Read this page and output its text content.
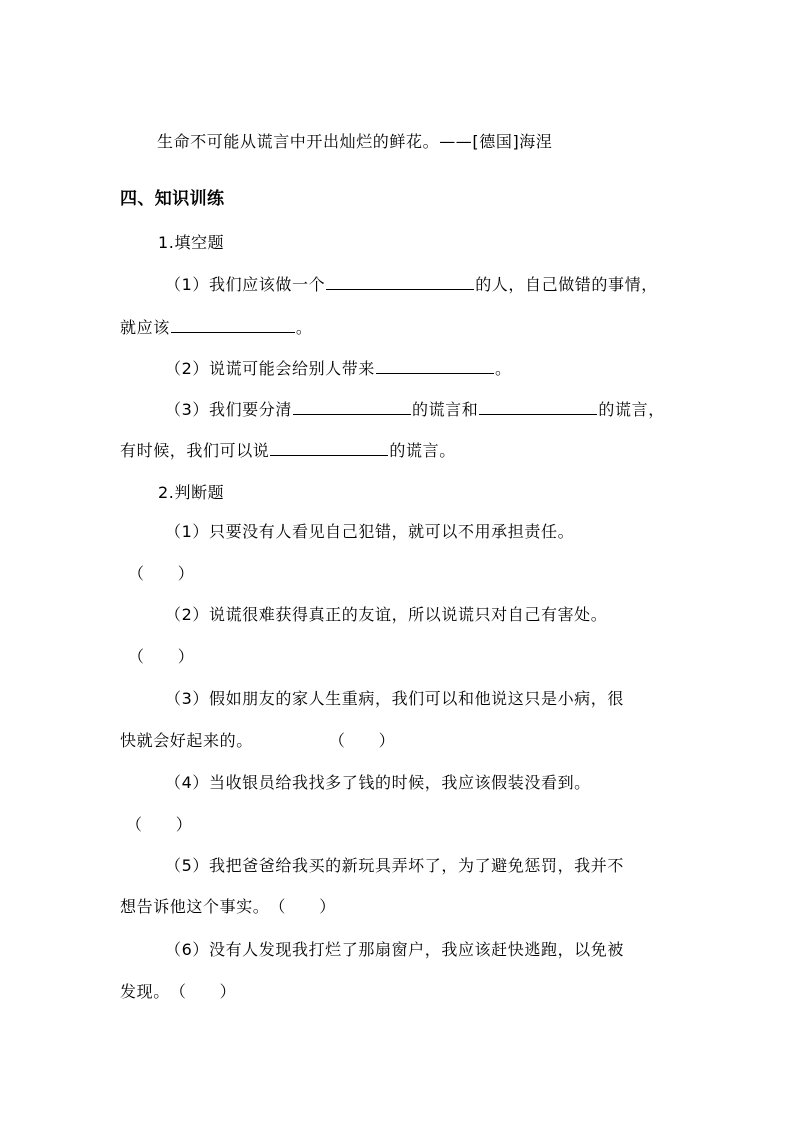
生命不可能从谎言中开出灿烂的鲜花。——[德国]海涅
四、知识训练
1.填空题
（1）我们应该做一个	的人，自己做错的事情，
就应该	。
（2）说谎可能会给别人带来	。
（3）我们要分清	的谎言和	的谎言，
有时候，我们可以说	的谎言。
2.判断题
（1）只要没有人看见自己犯错，就可以不用承担责任。
（　　）
（2）说谎很难获得真正的友谊，所以说谎只对自己有害处。
（　　）
（3）假如朋友的家人生重病，我们可以和他说这只是小病，很
快就会好起来的。	（　　）
（4）当收银员给我找多了钱的时候，我应该假装没看到。
（　　）
（5）我把爸爸给我买的新玩具弄坏了，为了避免惩罚，我并不
想告诉他这个事实。（　　）
（6）没有人发现我打烂了那扇窗户，我应该赶快逃跑，以免被
发现。（　　）
